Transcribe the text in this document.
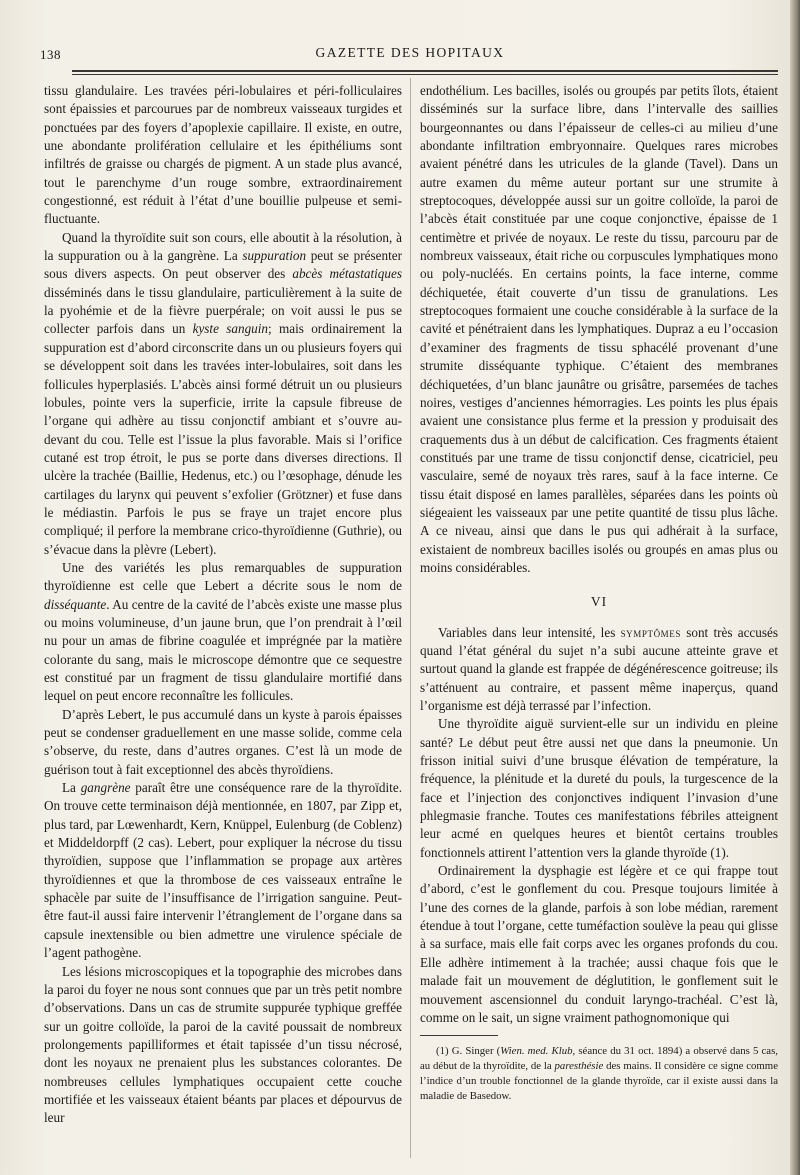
138	GAZETTE DES HOPITAUX

tissu glandulaire. Les travées péri-lobulaires et péri-folliculaires sont épaissies et parcourues par de nombreux vaisseaux turgides et ponctuées par des foyers d’apoplexie capillaire. Il existe, en outre, une abondante prolifération cellulaire et les épithéliums sont infiltrés de graisse ou chargés de pigment. A un stade plus avancé, tout le parenchyme d’un rouge sombre, extraordinairement congestionné, est réduit à l’état d’une bouillie pulpeuse et semi-fluctuante.

Quand la thyroïdite suit son cours, elle aboutit à la résolution, à la suppuration ou à la gangrène. La suppuration peut se présenter sous divers aspects. On peut observer des abcès métastatiques disséminés dans le tissu glandulaire, particulièrement à la suite de la pyohémie et de la fièvre puerpérale; on voit aussi le pus se collecter parfois dans un kyste sanguin; mais ordinairement la suppuration est d’abord circonscrite dans un ou plusieurs foyers qui se développent soit dans les travées inter-lobulaires, soit dans les follicules hyperplasiés. L’abcès ainsi formé détruit un ou plusieurs lobules, pointe vers la superficie, irrite la capsule fibreuse de l’organe qui adhère au tissu conjonctif ambiant et s’ouvre au-devant du cou. Telle est l’issue la plus favorable. Mais si l’orifice cutané est trop étroit, le pus se porte dans diverses directions. Il ulcère la trachée (Baillie, Hedenus, etc.) ou l’œsophage, dénude les cartilages du larynx qui peuvent s’exfolier (Grötzner) et fuse dans le médiastin. Parfois le pus se fraye un trajet encore plus compliqué; il perfore la membrane crico-thyroïdienne (Guthrie), ou s’évacue dans la plèvre (Lebert).

Une des variétés les plus remarquables de suppuration thyroïdienne est celle que Lebert a décrite sous le nom de disséquante. Au centre de la cavité de l’abcès existe une masse plus ou moins volumineuse, d’un jaune brun, que l’on prendrait à l’œil nu pour un amas de fibrine coagulée et imprégnée par la matière colorante du sang, mais le microscope démontre que ce sequestre est constitué par un fragment de tissu glandulaire mortifié dans lequel on peut encore reconnaître les follicules.

D’après Lebert, le pus accumulé dans un kyste à parois épaisses peut se condenser graduellement en une masse solide, comme cela s’observe, du reste, dans d’autres organes. C’est là un mode de guérison tout à fait exceptionnel des abcès thyroïdiens.

La gangrène paraît être une conséquence rare de la thyroïdite. On trouve cette terminaison déjà mentionnée, en 1807, par Zipp et, plus tard, par Lœwenhardt, Kern, Knüppel, Eulenburg (de Coblenz) et Middeldorpff (2 cas). Lebert, pour expliquer la nécrose du tissu thyroïdien, suppose que l’inflammation se propage aux artères thyroïdiennes et que la thrombose de ces vaisseaux entraîne le sphacèle par suite de l’insuffisance de l’irrigation sanguine. Peut-être faut-il aussi faire intervenir l’étranglement de l’organe dans sa capsule inextensible ou bien admettre une virulence spéciale de l’agent pathogène.

Les lésions microscopiques et la topographie des microbes dans la paroi du foyer ne nous sont connues que par un très petit nombre d’observations. Dans un cas de strumite suppurée typhique greffée sur un goitre colloïde, la paroi de la cavité poussait de nombreux prolongements papilliformes et était tapissée d’un tissu nécrosé, dont les noyaux ne prenaient plus les substances colorantes. De nombreuses cellules lymphatiques occupaient cette couche mortifiée et les vaisseaux étaient béants par places et dépourvus de leur

endothélium. Les bacilles, isolés ou groupés par petits îlots, étaient disséminés sur la surface libre, dans l’intervalle des saillies bourgeonnantes ou dans l’épaisseur de celles-ci au milieu d’une abondante infiltration embryonnaire. Quelques rares microbes avaient pénétré dans les utricules de la glande (Tavel). Dans un autre examen du même auteur portant sur une strumite à streptocoques, développée aussi sur un goitre colloïde, la paroi de l’abcès était constituée par une coque conjonctive, épaisse de 1 centimètre et privée de noyaux. Le reste du tissu, parcouru par de nombreux vaisseaux, était riche ou corpuscules lymphatiques mono ou poly-nucléés. En certains points, la face interne, comme déchiquetée, était couverte d’un tissu de granulations. Les streptocoques formaient une couche considérable à la surface de la cavité et pénétraient dans les lymphatiques. Dupraz a eu l’occasion d’examiner des fragments de tissu sphacélé provenant d’une strumite disséquante typhique. C’étaient des membranes déchiquetées, d’un blanc jaunâtre ou grisâtre, parsemées de taches noires, vestiges d’anciennes hémorragies. Les points les plus épais avaient une consistance plus ferme et la pression y produisait des craquements dus à un début de calcification. Ces fragments étaient constitués par une trame de tissu conjonctif dense, cicatriciel, peu vasculaire, semé de noyaux très rares, sauf à la face interne. Ce tissu était disposé en lames parallèles, séparées dans les points où siégeaient les vaisseaux par une petite quantité de tissu plus lâche. A ce niveau, ainsi que dans le pus qui adhérait à la surface, existaient de nombreux bacilles isolés ou groupés en amas plus ou moins considérables.

VI

Variables dans leur intensité, les symptômes sont très accusés quand l’état général du sujet n’a subi aucune atteinte grave et surtout quand la glande est frappée de dégénérescence goitreuse; ils s’atténuent au contraire, et passent même inaperçus, quand l’organisme est déjà terrassé par l’infection.

Une thyroïdite aiguë survient-elle sur un individu en pleine santé? Le début peut être aussi net que dans la pneumonie. Un frisson initial suivi d’une brusque élévation de température, la fréquence, la plénitude et la dureté du pouls, la turgescence de la face et l’injection des conjonctives indiquent l’invasion d’une phlegmasie franche. Toutes ces manifestations fébriles atteignent leur acmé en quelques heures et bientôt certains troubles fonctionnels attirent l’attention vers la glande thyroïde (1).

Ordinairement la dysphagie est légère et ce qui frappe tout d’abord, c’est le gonflement du cou. Presque toujours limitée à l’une des cornes de la glande, parfois à son lobe médian, rarement étendue à tout l’organe, cette tuméfaction soulève la peau qui glisse à sa surface, mais elle fait corps avec les organes profonds du cou. Elle adhère intimement à la trachée; aussi chaque fois que le malade fait un mouvement de déglutition, le gonflement suit le mouvement ascensionnel du conduit laryngo-trachéal. C’est là, comme on le sait, un signe vraiment pathognomonique qui

(1) G. Singer (Wien. med. Klub, séance du 31 oct. 1894) a observé dans 5 cas, au début de la thyroïdite, de la paresthésie des mains. Il considère ce signe comme l’indice d’un trouble fonctionnel de la glande thyroïde, car il existe aussi dans la maladie de Basedow.
